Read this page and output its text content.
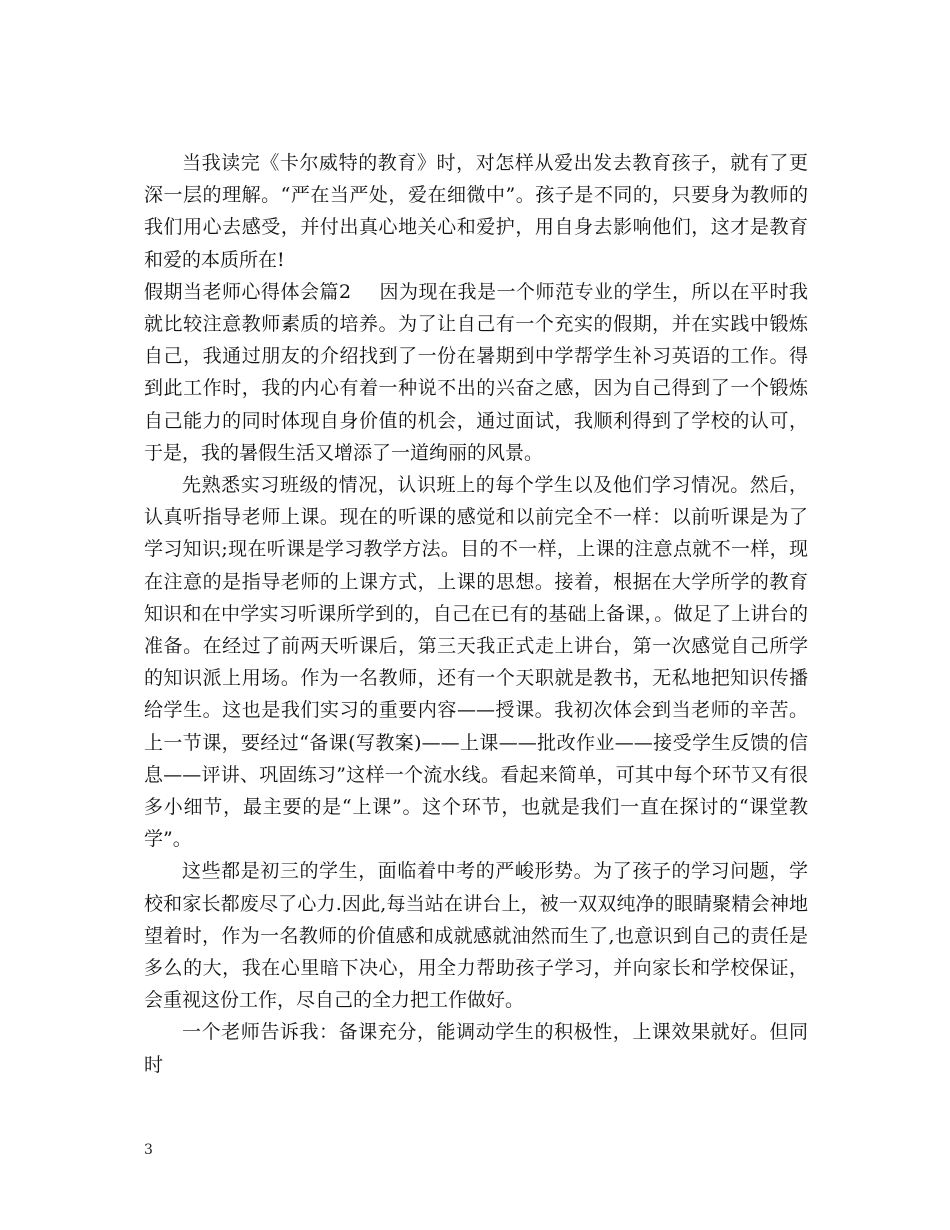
当我读完《卡尔威特的教育》时，对怎样从爱出发去教育孩子，就有了更深一层的理解。“严在当严处，爱在细微中”。孩子是不同的，只要身为教师的我们用心去感受，并付出真心地关心和爱护，用自身去影响他们，这才是教育和爱的本质所在!

假期当老师心得体会篇2 因为现在我是一个师范专业的学生，所以在平时我就比较注意教师素质的培养。为了让自己有一个充实的假期，并在实践中锻炼自己，我通过朋友的介绍找到了一份在暑期到中学帮学生补习英语的工作。得到此工作时，我的内心有着一种说不出的兴奋之感，因为自己得到了一个锻炼自己能力的同时体现自身价值的机会，通过面试，我顺利得到了学校的认可，于是，我的暑假生活又增添了一道绚丽的风景。

先熟悉实习班级的情况，认识班上的每个学生以及他们学习情况。然后，认真听指导老师上课。现在的听课的感觉和以前完全不一样：以前听课是为了学习知识;现在听课是学习教学方法。目的不一样，上课的注意点就不一样，现在注意的是指导老师的上课方式，上课的思想。接着，根据在大学所学的教育知识和在中学实习听课所学到的，自己在已有的基础上备课，。做足了上讲台的准备。在经过了前两天听课后，第三天我正式走上讲台，第一次感觉自己所学的知识派上用场。作为一名教师，还有一个天职就是教书，无私地把知识传播给学生。这也是我们实习的重要内容——授课。我初次体会到当老师的辛苦。上一节课，要经过“备课(写教案)——上课——批改作业——接受学生反馈的信息——评讲、巩固练习”这样一个流水线。看起来简单，可其中每个环节又有很多小细节，最主要的是“上课”。这个环节，也就是我们一直在探讨的“课堂教学”。

这些都是初三的学生，面临着中考的严峻形势。为了孩子的学习问题，学校和家长都废尽了心力.因此,每当站在讲台上，被一双双纯净的眼睛聚精会神地望着时，作为一名教师的价值感和成就感就油然而生了,也意识到自己的责任是多么的大，我在心里暗下决心，用全力帮助孩子学习，并向家长和学校保证，会重视这份工作，尽自己的全力把工作做好。

一个老师告诉我：备课充分，能调动学生的积极性，上课效果就好。但同时

3
